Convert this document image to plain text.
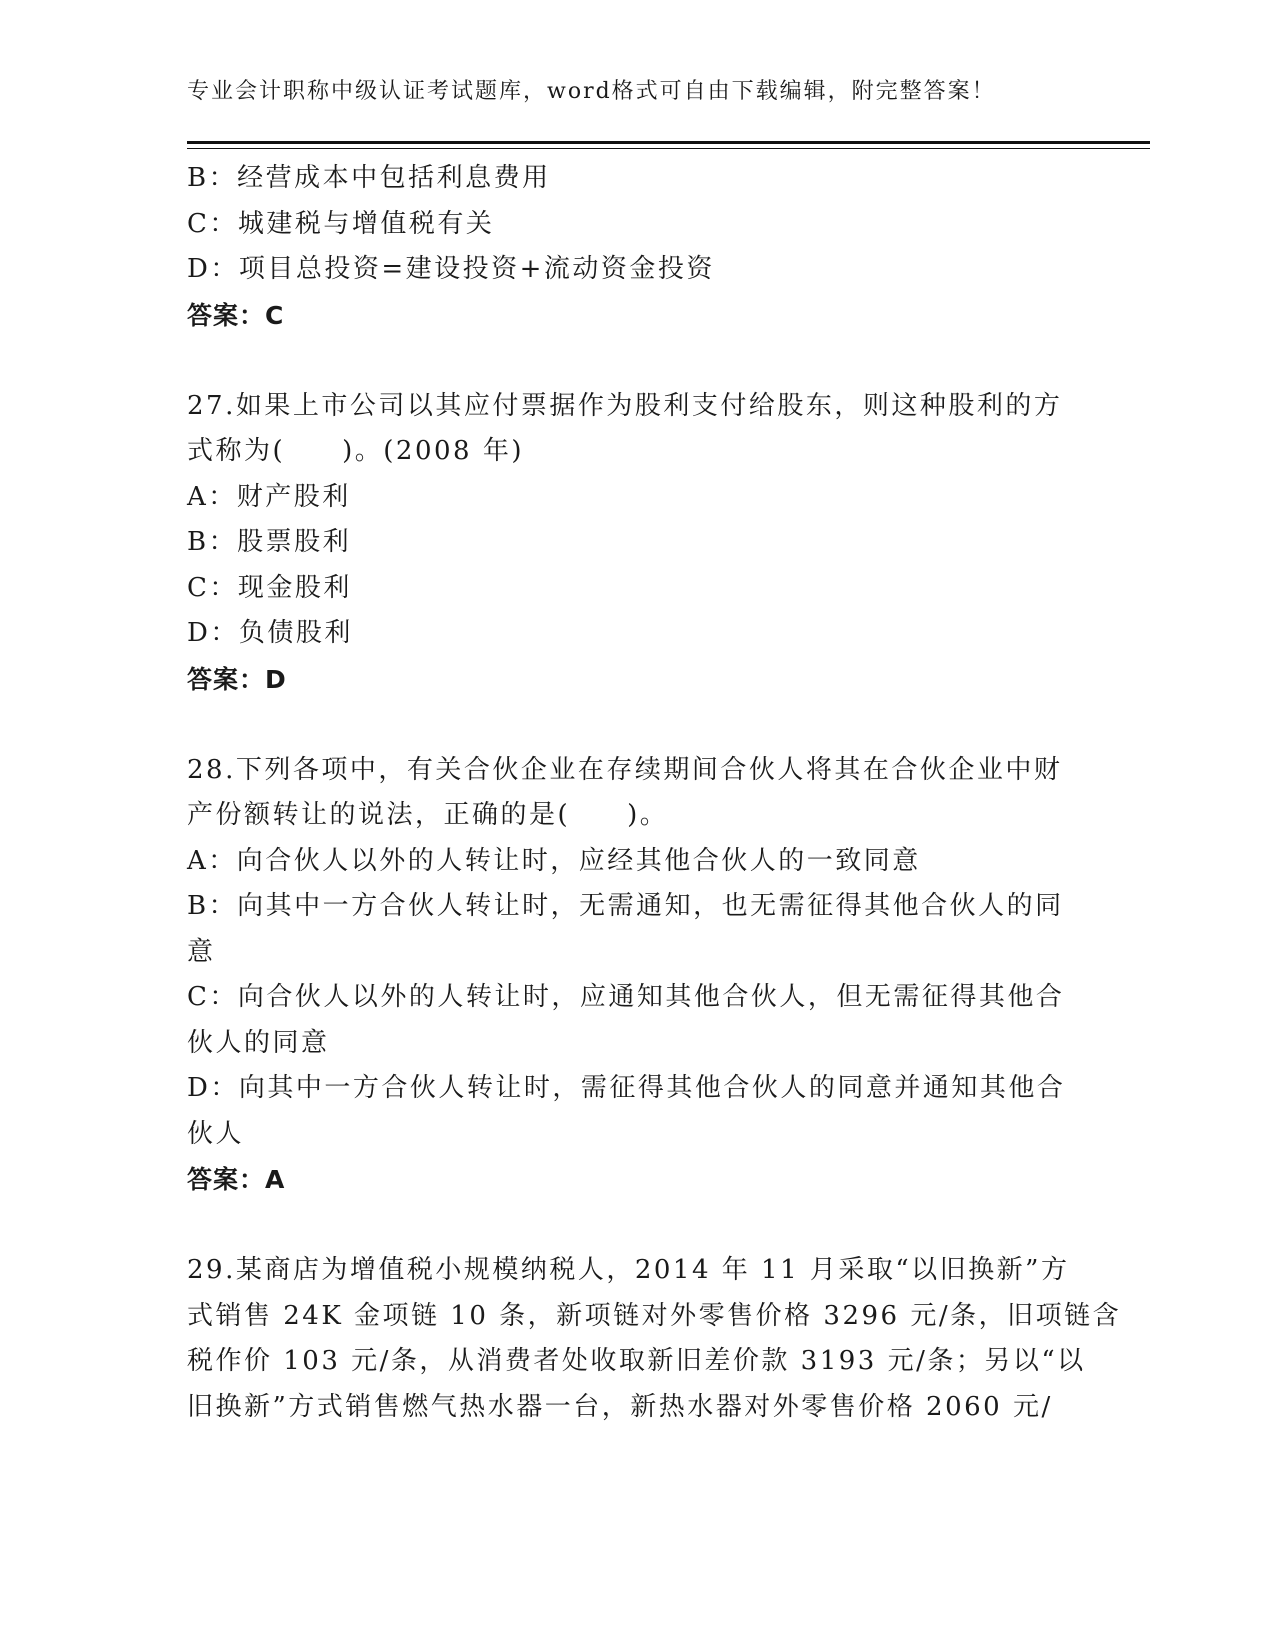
专业会计职称中级认证考试题库，word格式可自由下载编辑，附完整答案！
B：经营成本中包括利息费用
C：城建税与增值税有关
D：项目总投资=建设投资+流动资金投资
答案：C
27.如果上市公司以其应付票据作为股利支付给股东，则这种股利的方
式称为(　　)。(2008 年)
A：财产股利
B：股票股利
C：现金股利
D：负债股利
答案：D
28.下列各项中，有关合伙企业在存续期间合伙人将其在合伙企业中财
产份额转让的说法，正确的是(　　)。
A：向合伙人以外的人转让时，应经其他合伙人的一致同意
B：向其中一方合伙人转让时，无需通知，也无需征得其他合伙人的同
意
C：向合伙人以外的人转让时，应通知其他合伙人，但无需征得其他合
伙人的同意
D：向其中一方合伙人转让时，需征得其他合伙人的同意并通知其他合
伙人
答案：A
29.某商店为增值税小规模纳税人，2014 年 11 月采取“以旧换新”方
式销售 24K 金项链 10 条，新项链对外零售价格 3296 元/条，旧项链含
税作价 103 元/条，从消费者处收取新旧差价款 3193 元/条；另以“以
旧换新”方式销售燃气热水器一台，新热水器对外零售价格 2060 元/
